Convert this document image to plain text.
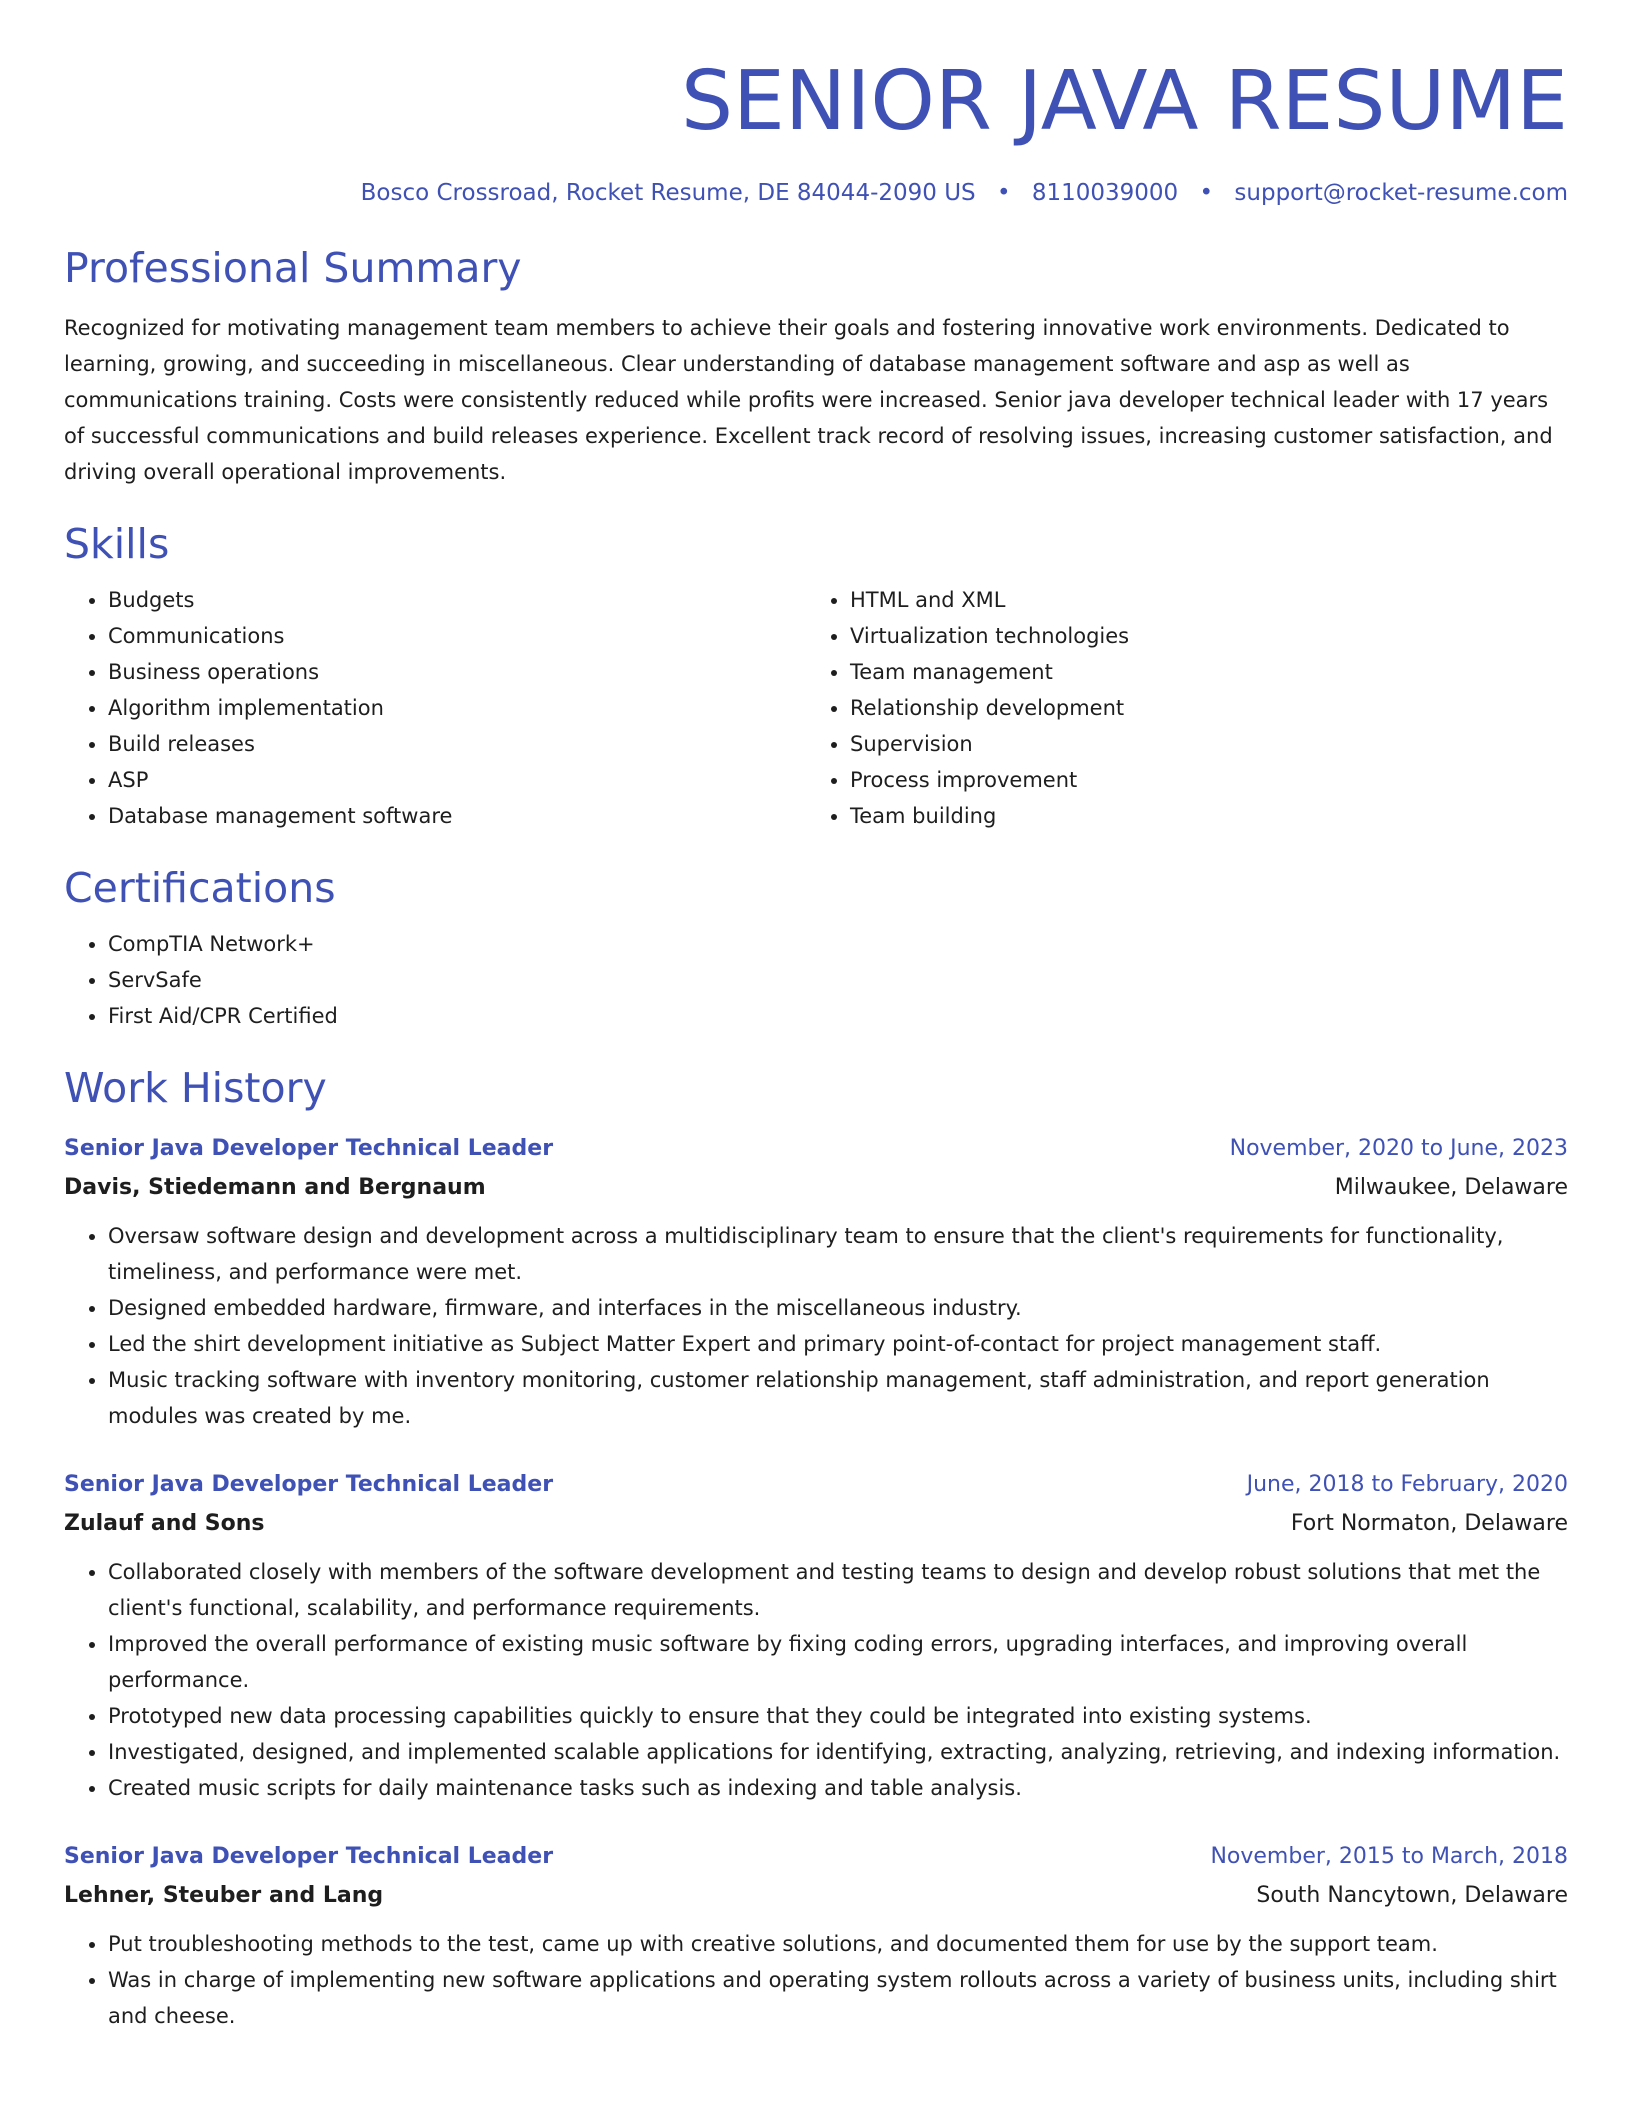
SENIOR JAVA RESUME
Bosco Crossroad, Rocket Resume, DE 84044-2090 US • 8110039000 • support@rocket-resume.com
Professional Summary

Recognized for motivating management team members to achieve their goals and fostering innovative work environments. Dedicated to learning, growing, and succeeding in miscellaneous. Clear understanding of database management software and asp as well as communications training. Costs were consistently reduced while profits were increased. Senior java developer technical leader with 17 years of successful communications and build releases experience. Excellent track record of resolving issues, increasing customer satisfaction, and driving overall operational improvements.

Skills
• Budgets
• Communications
• Business operations
• Algorithm implementation
• Build releases
• ASP
• Database management software
• HTML and XML
• Virtualization technologies
• Team management
• Relationship development
• Supervision
• Process improvement
• Team building
Certifications
• CompTIA Network+
• ServSafe
• First Aid/CPR Certified
Work History
Senior Java Developer Technical Leader	November, 2020 to June, 2023
Davis, Stiedemann and Bergnaum	Milwaukee, Delaware
• Oversaw software design and development across a multidisciplinary team to ensure that the client's requirements for functionality, timeliness, and performance were met.
• Designed embedded hardware, firmware, and interfaces in the miscellaneous industry.
• Led the shirt development initiative as Subject Matter Expert and primary point-of-contact for project management staff.
• Music tracking software with inventory monitoring, customer relationship management, staff administration, and report generation modules was created by me.
Senior Java Developer Technical Leader	June, 2018 to February, 2020
Zulauf and Sons	Fort Normaton, Delaware
• Collaborated closely with members of the software development and testing teams to design and develop robust solutions that met the client's functional, scalability, and performance requirements.
• Improved the overall performance of existing music software by fixing coding errors, upgrading interfaces, and improving overall performance.
• Prototyped new data processing capabilities quickly to ensure that they could be integrated into existing systems.
• Investigated, designed, and implemented scalable applications for identifying, extracting, analyzing, retrieving, and indexing information.
• Created music scripts for daily maintenance tasks such as indexing and table analysis.
Senior Java Developer Technical Leader	November, 2015 to March, 2018
Lehner, Steuber and Lang	South Nancytown, Delaware
• Put troubleshooting methods to the test, came up with creative solutions, and documented them for use by the support team.
• Was in charge of implementing new software applications and operating system rollouts across a variety of business units, including shirt and cheese.
